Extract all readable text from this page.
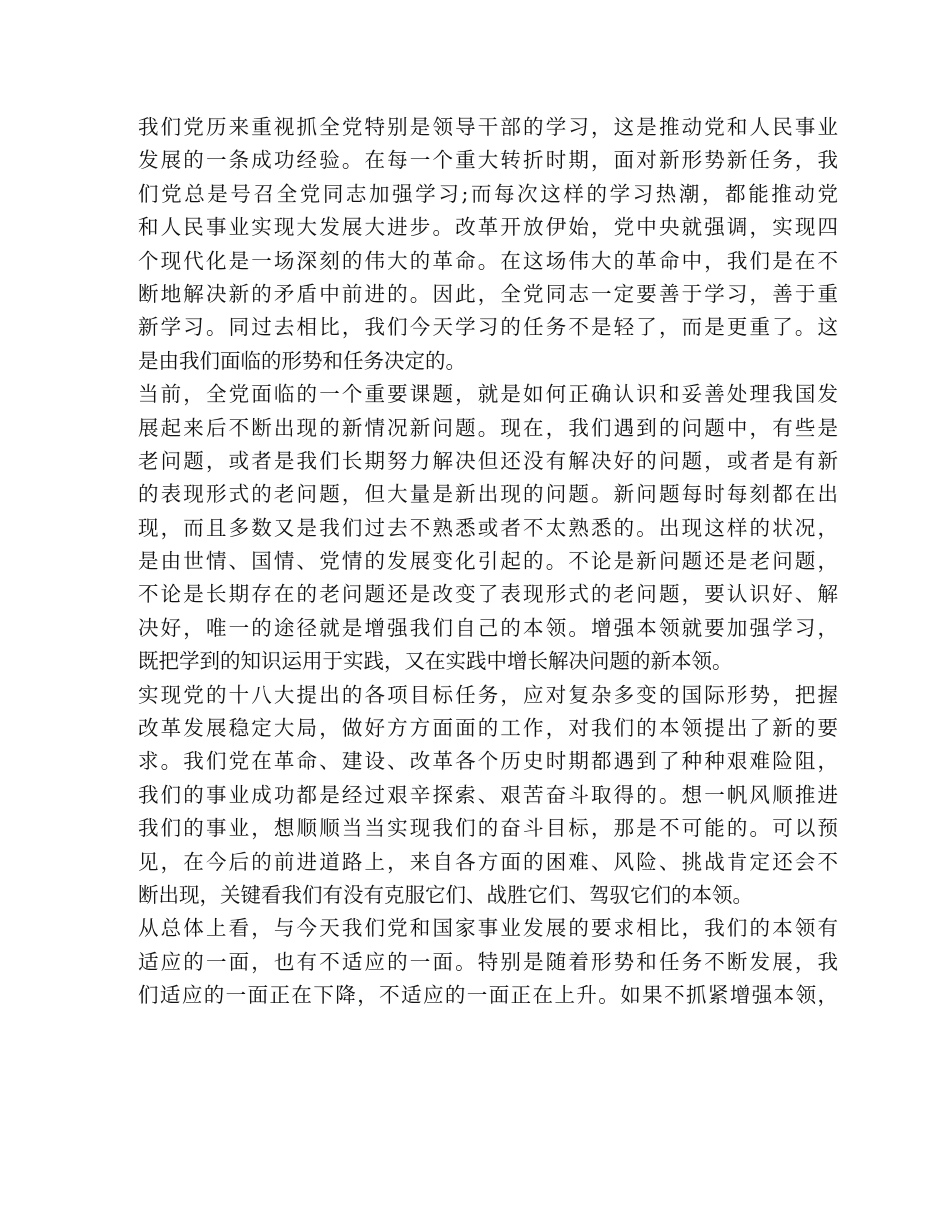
我们党历来重视抓全党特别是领导干部的学习，这是推动党和人民事业
发展的一条成功经验。在每一个重大转折时期，面对新形势新任务，我
们党总是号召全党同志加强学习;而每次这样的学习热潮，都能推动党
和人民事业实现大发展大进步。改革开放伊始，党中央就强调，实现四
个现代化是一场深刻的伟大的革命。在这场伟大的革命中，我们是在不
断地解决新的矛盾中前进的。因此，全党同志一定要善于学习，善于重
新学习。同过去相比，我们今天学习的任务不是轻了，而是更重了。这
是由我们面临的形势和任务决定的。
当前，全党面临的一个重要课题，就是如何正确认识和妥善处理我国发
展起来后不断出现的新情况新问题。现在，我们遇到的问题中，有些是
老问题，或者是我们长期努力解决但还没有解决好的问题，或者是有新
的表现形式的老问题，但大量是新出现的问题。新问题每时每刻都在出
现，而且多数又是我们过去不熟悉或者不太熟悉的。出现这样的状况，
是由世情、国情、党情的发展变化引起的。不论是新问题还是老问题，
不论是长期存在的老问题还是改变了表现形式的老问题，要认识好、解
决好，唯一的途径就是增强我们自己的本领。增强本领就要加强学习，
既把学到的知识运用于实践，又在实践中增长解决问题的新本领。
实现党的十八大提出的各项目标任务，应对复杂多变的国际形势，把握
改革发展稳定大局，做好方方面面的工作，对我们的本领提出了新的要
求。我们党在革命、建设、改革各个历史时期都遇到了种种艰难险阻，
我们的事业成功都是经过艰辛探索、艰苦奋斗取得的。想一帆风顺推进
我们的事业，想顺顺当当实现我们的奋斗目标，那是不可能的。可以预
见，在今后的前进道路上，来自各方面的困难、风险、挑战肯定还会不
断出现，关键看我们有没有克服它们、战胜它们、驾驭它们的本领。
从总体上看，与今天我们党和国家事业发展的要求相比，我们的本领有
适应的一面，也有不适应的一面。特别是随着形势和任务不断发展，我
们适应的一面正在下降，不适应的一面正在上升。如果不抓紧增强本领，
